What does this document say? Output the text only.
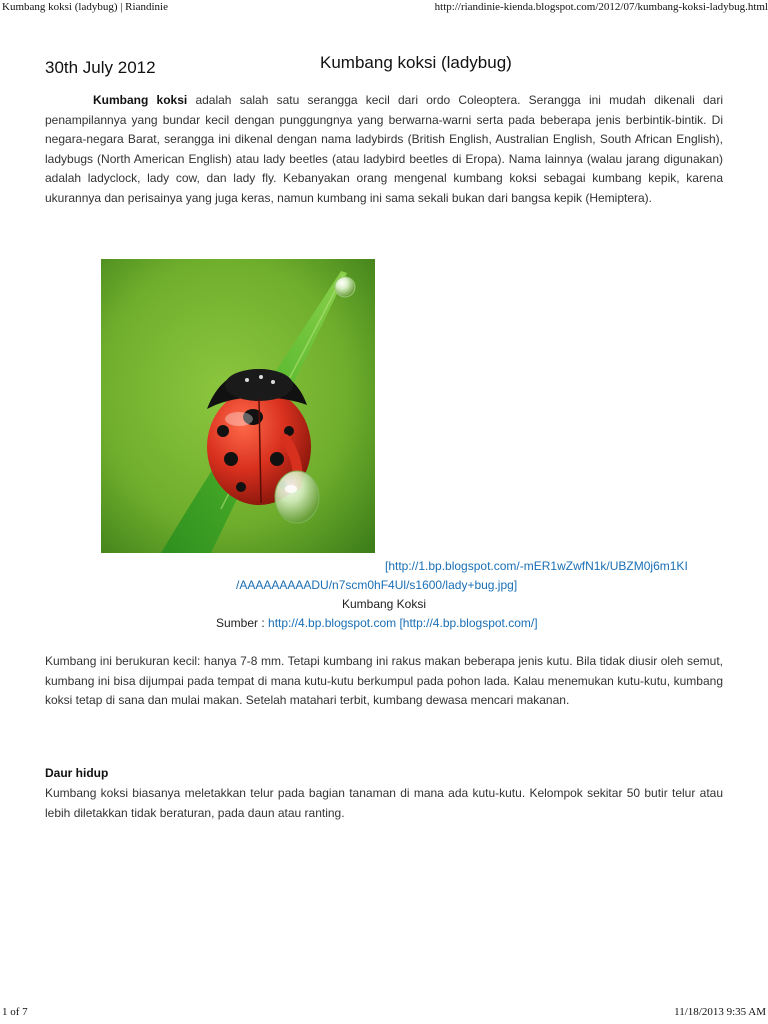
Kumbang koksi (ladybug) | Riandinie	http://riandinie-kienda.blogspot.com/2012/07/kumbang-koksi-ladybug.html
30th July 2012	Kumbang koksi (ladybug)
Kumbang koksi adalah salah satu serangga kecil dari ordo Coleoptera. Serangga ini mudah dikenali dari penampilannya yang bundar kecil dengan punggungnya yang berwarna-warni serta pada beberapa jenis berbintik-bintik. Di negara-negara Barat, serangga ini dikenal dengan nama ladybirds (British English, Australian English, South African English), ladybugs (North American English) atau lady beetles (atau ladybird beetles di Eropa). Nama lainnya (walau jarang digunakan) adalah ladyclock, lady cow, dan lady fly. Kebanyakan orang mengenal kumbang koksi sebagai kumbang kepik, karena ukurannya dan perisainya yang juga keras, namun kumbang ini sama sekali bukan dari bangsa kepik (Hemiptera).
[http://1.bp.blogspot.com/-mER1wZwfN1k/UBZM0j6m1KI
/AAAAAAAAADU/n7scm0hF4Ul/s1600/lady+bug.jpg]
Kumbang Koksi
Sumber : http://4.bp.blogspot.com [http://4.bp.blogspot.com/]
Kumbang ini berukuran kecil: hanya 7-8 mm. Tetapi kumbang ini rakus makan beberapa jenis kutu. Bila tidak diusir oleh semut, kumbang ini bisa dijumpai pada tempat di mana kutu-kutu berkumpul pada pohon lada. Kalau menemukan kutu-kutu, kumbang koksi tetap di sana dan mulai makan. Setelah matahari terbit, kumbang dewasa mencari makanan.
Daur hidup
Kumbang koksi biasanya meletakkan telur pada bagian tanaman di mana ada kutu-kutu. Kelompok sekitar 50 butir telur atau lebih diletakkan tidak beraturan, pada daun atau ranting.
1 of 7	11/18/2013 9:35 AM
